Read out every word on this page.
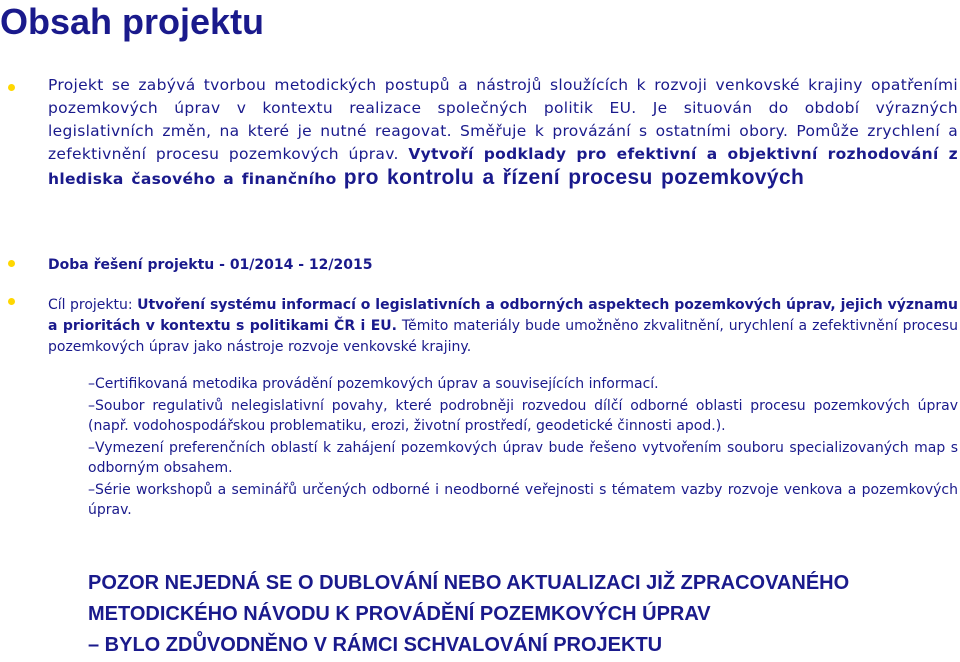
Obsah projektu

Projekt se zabývá tvorbou metodických postupů a nástrojů sloužících k rozvoji venkovské krajiny opatřeními pozemkových úprav v kontextu realizace společných politik EU. Je situován do období výrazných legislativních změn, na které je nutné reagovat. Směřuje k provázání s ostatními obory. Pomůže zrychlení a zefektivnění procesu pozemkových úprav. Vytvoří podklady pro efektivní a objektivní rozhodování z hlediska časového a finančního pro kontrolu a řízení procesu pozemkových

Doba řešení projektu - 01/2014 - 12/2015

Cíl projektu: Utvoření systému informací o legislativních a odborných aspektech pozemkových úprav, jejich významu a prioritách v kontextu s politikami ČR i EU. Těmito materiály bude umožněno zkvalitnění, urychlení a zefektivnění procesu pozemkových úprav jako nástroje rozvoje venkovské krajiny.

–Certifikovaná metodika provádění pozemkových úprav a souvisejících informací.
–Soubor regulativů nelegislativní povahy, které podrobněji rozvedou dílčí odborné oblasti procesu pozemkových úprav (např. vodohospodářskou problematiku, erozi, životní prostředí, geodetické činnosti apod.).
–Vymezení preferenčních oblastí k zahájení pozemkových úprav bude řešeno vytvořením souboru specializovaných map s odborným obsahem.
–Série workshopů a seminářů určených odborné i neodborné veřejnosti s tématem vazby rozvoje venkova a pozemkových úprav.

POZOR NEJEDNÁ SE O DUBLOVÁNÍ NEBO AKTUALIZACI JIŽ ZPRACOVANÉHO
METODICKÉHO NÁVODU K PROVÁDĚNÍ POZEMKOVÝCH ÚPRAV
– BYLO ZDŮVODNĚNO V RÁMCI SCHVALOVÁNÍ PROJEKTU
